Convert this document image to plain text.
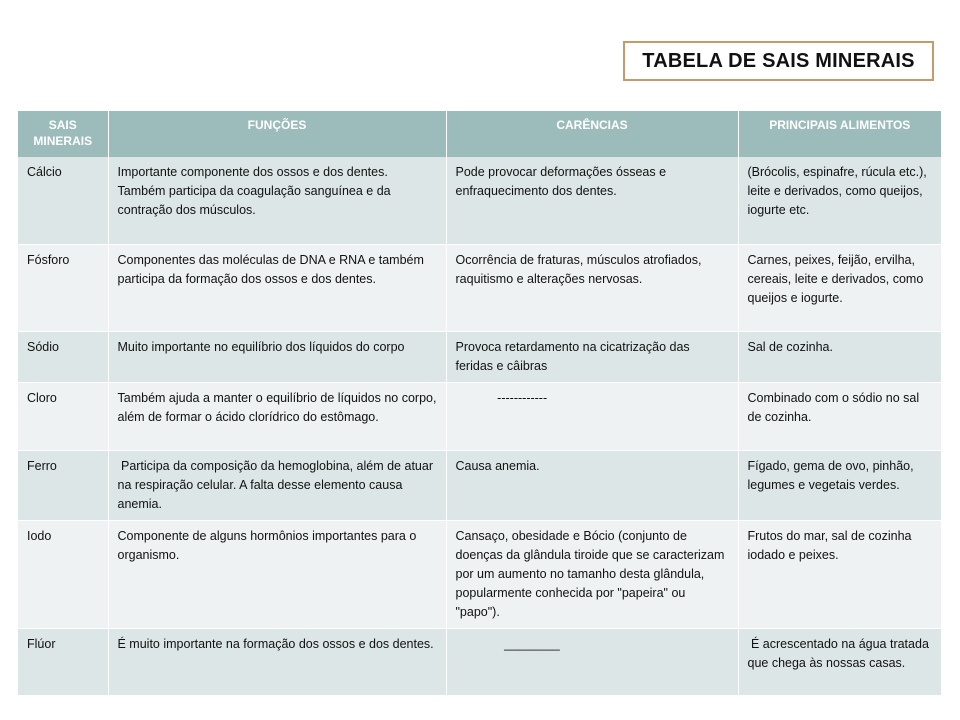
TABELA DE SAIS MINERAIS
SAIS MINERAIS	FUNÇÕES	CARÊNCIAS	PRINCIPAIS ALIMENTOS
Cálcio	Importante componente dos ossos e dos dentes. Também participa da coagulação sanguínea e da contração dos músculos.	Pode provocar deformações ósseas e enfraquecimento dos dentes.	(Brócolis, espinafre, rúcula etc.), leite e derivados, como queijos, iogurte etc.
Fósforo	Componentes das moléculas de DNA e RNA e também participa da formação dos ossos e dos dentes.	Ocorrência de fraturas, músculos atrofiados, raquitismo e alterações nervosas.	Carnes, peixes, feijão, ervilha, cereais, leite e derivados, como queijos e iogurte.
Sódio	Muito importante no equilíbrio dos líquidos do corpo	Provoca retardamento na cicatrização das feridas e câibras	Sal de cozinha.
Cloro	Também ajuda a manter o equilíbrio de líquidos no corpo, além de formar o ácido clorídrico do estômago.	------------	Combinado com o sódio no sal de cozinha.
Ferro	Participa da composição da hemoglobina, além de atuar na respiração celular. A falta desse elemento causa anemia.	Causa anemia.	Fígado, gema de ovo, pinhão, legumes e vegetais verdes.
Iodo	Componente de alguns hormônios importantes para o organismo.	Cansaço, obesidade e Bócio (conjunto de doenças da glândula tiroide que se caracterizam por um aumento no tamanho desta glândula, popularmente conhecida por "papeira" ou "papo").	Frutos do mar, sal de cozinha iodado e peixes.
Flúor	É muito importante na formação dos ossos e dos dentes.	________	É acrescentado na água tratada que chega às nossas casas.
